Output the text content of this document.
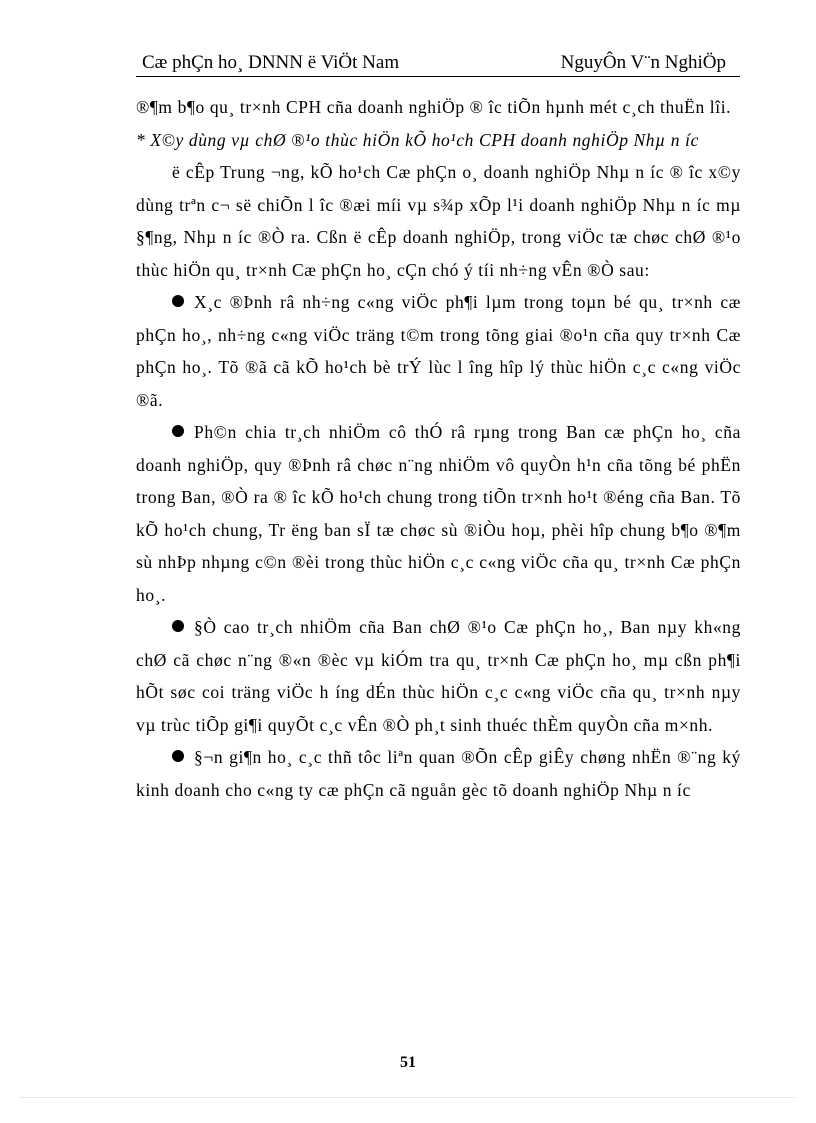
Cæ phÇn ho¸ DNNN ë ViÖt Nam	NguyÔn V¨n NghiÖp

®¶m b¶o qu¸ tr×nh CPH cña doanh nghiÖp ® îc tiÕn hµnh mét c¸ch thuËn lîi.

* X©y dùng vµ chØ ®¹o thùc hiÖn kÕ ho¹ch CPH doanh nghiÖp Nhµ n íc

ë cÊp Trung ¬ng, kÕ ho¹ch Cæ phÇn o¸ doanh nghiÖp Nhµ n íc ® îc x©y dùng trªn c¬ së chiÕn l îc ®æi míi vµ s¾p xÕp l¹i doanh nghiÖp Nhµ n íc mµ §¶ng, Nhµ n íc ®Ò ra. Cßn ë cÊp doanh nghiÖp, trong viÖc tæ chøc chØ ®¹o thùc hiÖn qu¸ tr×nh Cæ phÇn ho¸ cÇn chó ý tíi nh÷ng vÊn ®Ò sau:

X¸c ®Þnh râ nh÷ng c«ng viÖc ph¶i lµm trong toµn bé qu¸ tr×nh cæ phÇn ho¸, nh÷ng c«ng viÖc träng t©m trong tõng giai ®o¹n cña quy tr×nh Cæ phÇn ho¸. Tõ ®ã cã kÕ ho¹ch bè trÝ lùc l îng hîp lý thùc hiÖn c¸c c«ng viÖc ®ã.

Ph©n chia tr¸ch nhiÖm cô thÓ râ rµng trong Ban cæ phÇn ho¸ cña doanh nghiÖp, quy ®Þnh râ chøc n¨ng nhiÖm vô quyÒn h¹n cña tõng bé phËn trong Ban, ®Ò ra ® îc kÕ ho¹ch chung trong tiÕn tr×nh ho¹t ®éng cña Ban. Tõ kÕ ho¹ch chung, Tr ëng ban sÏ tæ chøc sù ®iÒu hoµ, phèi hîp chung b¶o ®¶m sù nhÞp nhµng c©n ®èi trong thùc hiÖn c¸c c«ng viÖc cña qu¸ tr×nh Cæ phÇn ho¸.

§Ò cao tr¸ch nhiÖm cña Ban chØ ®¹o Cæ phÇn ho¸, Ban nµy kh«ng chØ cã chøc n¨ng ®«n ®èc vµ kiÓm tra qu¸ tr×nh Cæ phÇn ho¸ mµ cßn ph¶i hÕt søc coi träng viÖc h íng dÉn thùc hiÖn c¸c c«ng viÖc cña qu¸ tr×nh nµy vµ trùc tiÕp gi¶i quyÕt c¸c vÊn ®Ò ph¸t sinh thuéc thÈm quyÒn cña m×nh.

§¬n gi¶n ho¸ c¸c thñ tôc liªn quan ®Õn cÊp giÊy chøng nhËn ®¨ng ký kinh doanh cho c«ng ty cæ phÇn cã nguån gèc tõ doanh nghiÖp Nhµ n íc

51
